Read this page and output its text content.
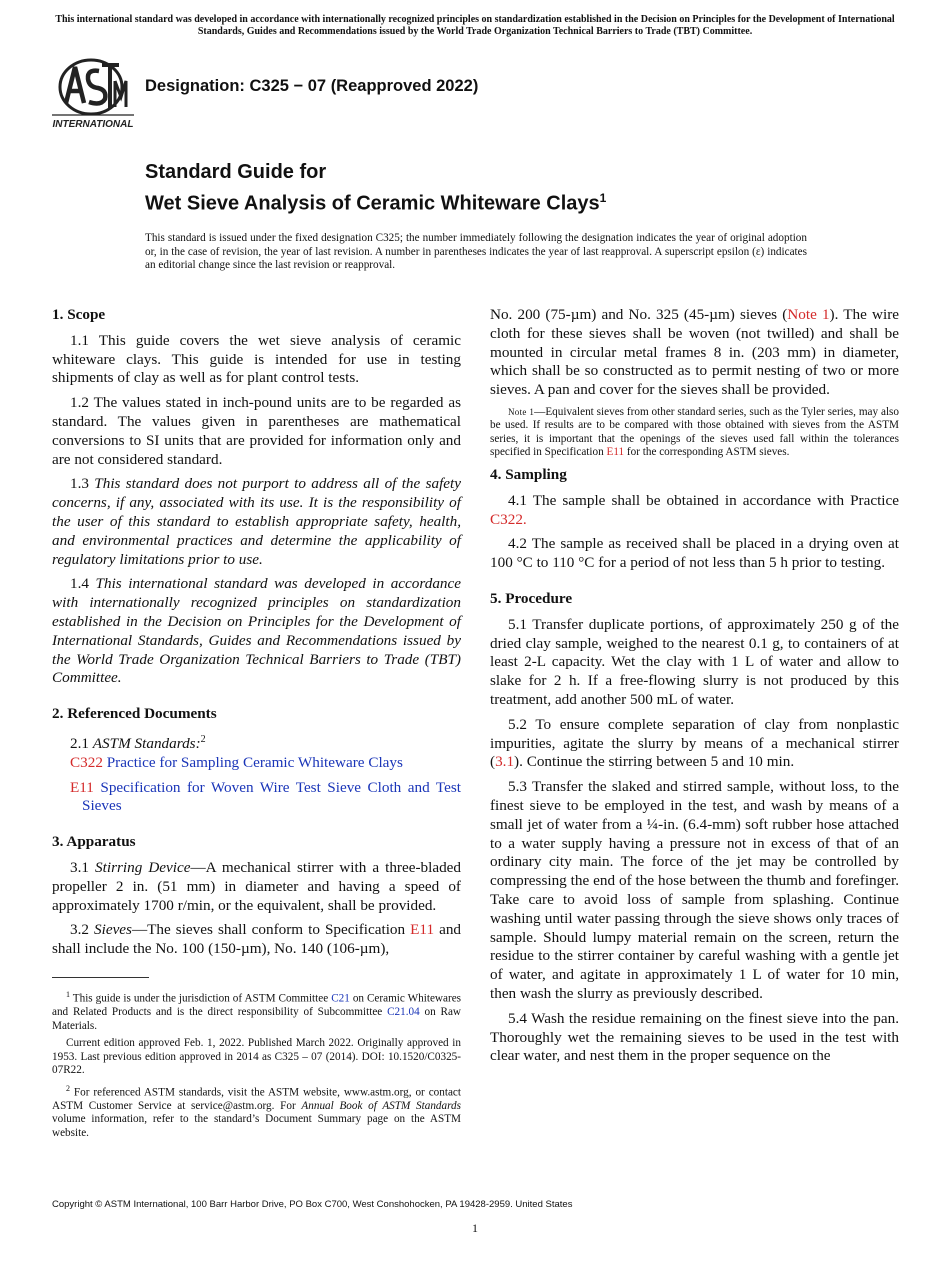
This international standard was developed in accordance with internationally recognized principles on standardization established in the Decision on Principles for the Development of International Standards, Guides and Recommendations issued by the World Trade Organization Technical Barriers to Trade (TBT) Committee.
INTERNATIONAL
Designation: C325 − 07 (Reapproved 2022)
Standard Guide for
Wet Sieve Analysis of Ceramic Whiteware Clays$^1$
This standard is issued under the fixed designation C325; the number immediately following the designation indicates the year of original adoption or, in the case of revision, the year of last revision. A number in parentheses indicates the year of last reapproval. A superscript epsilon (ε) indicates an editorial change since the last revision or reapproval.
1. Scope

1.1 This guide covers the wet sieve analysis of ceramic whiteware clays. This guide is intended for use in testing shipments of clay as well as for plant control tests.

1.2 The values stated in inch-pound units are to be regarded as standard. The values given in parentheses are mathematical conversions to SI units that are provided for information only and are not considered standard.

1.3 This standard does not purport to address all of the safety concerns, if any, associated with its use. It is the responsibility of the user of this standard to establish appropriate safety, health, and environmental practices and determine the applicability of regulatory limitations prior to use.

1.4 This international standard was developed in accordance with internationally recognized principles on standardization established in the Decision on Principles for the Development of International Standards, Guides and Recommendations issued by the World Trade Organization Technical Barriers to Trade (TBT) Committee.

2. Referenced Documents

2.1 ASTM Standards:$^2$

C322 Practice for Sampling Ceramic Whiteware Clays

E11 Specification for Woven Wire Test Sieve Cloth and Test Sieves

3. Apparatus

3.1 Stirring Device—A mechanical stirrer with a three-bladed propeller 2 in. (51 mm) in diameter and having a speed of approximately 1700 r/min, or the equivalent, shall be provided.

3.2 Sieves—The sieves shall conform to Specification E11 and shall include the No. 100 (150-µm), No. 140 (106-µm),

$^1$ This guide is under the jurisdiction of ASTM Committee C21 on Ceramic Whitewares and Related Products and is the direct responsibility of Subcommittee C21.04 on Raw Materials.

Current edition approved Feb. 1, 2022. Published March 2022. Originally approved in 1953. Last previous edition approved in 2014 as C325 – 07 (2014). DOI: 10.1520/C0325-07R22.

$^2$ For referenced ASTM standards, visit the ASTM website, www.astm.org, or contact ASTM Customer Service at service@astm.org. For Annual Book of ASTM Standards volume information, refer to the standard’s Document Summary page on the ASTM website.

No. 200 (75-µm) and No. 325 (45-µm) sieves (Note 1). The wire cloth for these sieves shall be woven (not twilled) and shall be mounted in circular metal frames 8 in. (203 mm) in diameter, which shall be so constructed as to permit nesting of two or more sieves. A pan and cover for the sieves shall be provided.

Note 1—Equivalent sieves from other standard series, such as the Tyler series, may also be used. If results are to be compared with those obtained with sieves from the ASTM series, it is important that the openings of the sieves used fall within the tolerances specified in Specification E11 for the corresponding ASTM sieves.

4. Sampling

4.1 The sample shall be obtained in accordance with Practice C322.

4.2 The sample as received shall be placed in a drying oven at 100 °C to 110 °C for a period of not less than 5 h prior to testing.

5. Procedure

5.1 Transfer duplicate portions, of approximately 250 g of the dried clay sample, weighed to the nearest 0.1 g, to containers of at least 2-L capacity. Wet the clay with 1 L of water and allow to slake for 2 h. If a free-flowing slurry is not produced by this treatment, add another 500 mL of water.

5.2 To ensure complete separation of clay from nonplastic impurities, agitate the slurry by means of a mechanical stirrer (3.1). Continue the stirring between 5 and 10 min.

5.3 Transfer the slaked and stirred sample, without loss, to the finest sieve to be employed in the test, and wash by means of a small jet of water from a ¼-in. (6.4-mm) soft rubber hose attached to a water supply having a pressure not in excess of that of an ordinary city main. The force of the jet may be controlled by compressing the end of the hose between the thumb and forefinger. Take care to avoid loss of sample from splashing. Continue washing until water passing through the sieve shows only traces of sample. Should lumpy material remain on the screen, return the residue to the stirrer container by careful washing with a gentle jet of water, and agitate in approximately 1 L of water for 10 min, then wash the slurry as previously described.

5.4 Wash the residue remaining on the finest sieve into the pan. Thoroughly wet the remaining sieves to be used in the test with clear water, and nest them in the proper sequence on the

Copyright © ASTM International, 100 Barr Harbor Drive, PO Box C700, West Conshohocken, PA 19428-2959. United States
1
